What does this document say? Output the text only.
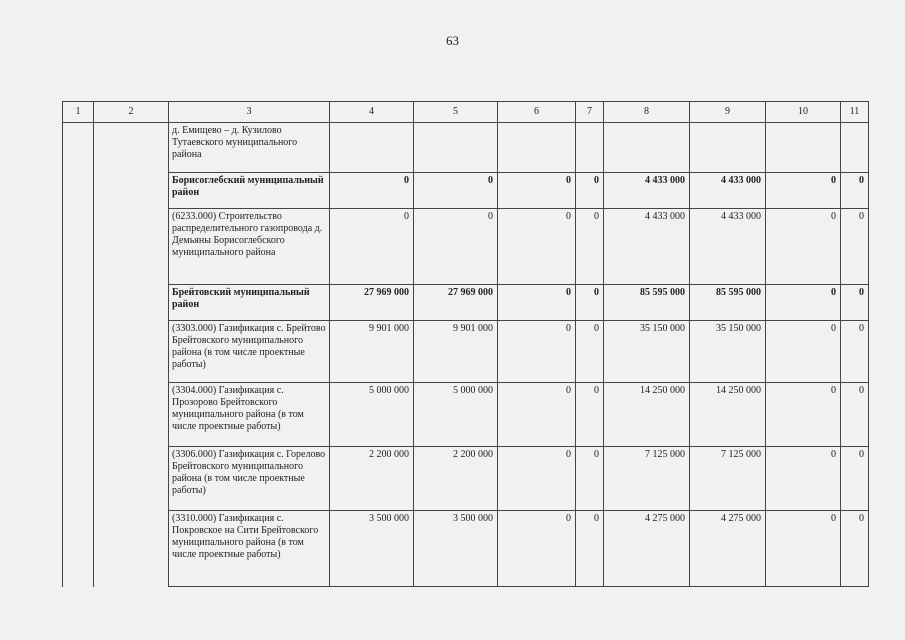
63
1	2	3	4	5	6	7	8	9	10	11
		д. Емищево – д. Кузилово Тутаевского муниципального района								
		Борисоглебский муниципальный район	0	0	0	0	4 433 000	4 433 000	0	0
		(6233.000) Строительство распределительного газопровода д. Демьяны Борисоглебского муниципального района	0	0	0	0	4 433 000	4 433 000	0	0
		Брейтовский муниципальный район	27 969 000	27 969 000	0	0	85 595 000	85 595 000	0	0
		(3303.000) Газификация с. Брейтово Брейтовского муниципального района (в том числе проектные работы)	9 901 000	9 901 000	0	0	35 150 000	35 150 000	0	0
		(3304.000) Газификация с. Прозорово Брейтовского муниципального района (в том числе проектные работы)	5 000 000	5 000 000	0	0	14 250 000	14 250 000	0	0
		(3306.000) Газификация с. Горелово Брейтовского муниципального района (в том числе проектные работы)	2 200 000	2 200 000	0	0	7 125 000	7 125 000	0	0
		(3310.000) Газификация с. Покровское на Сити Брейтовского муниципального района (в том числе проектные работы)	3 500 000	3 500 000	0	0	4 275 000	4 275 000	0	0
